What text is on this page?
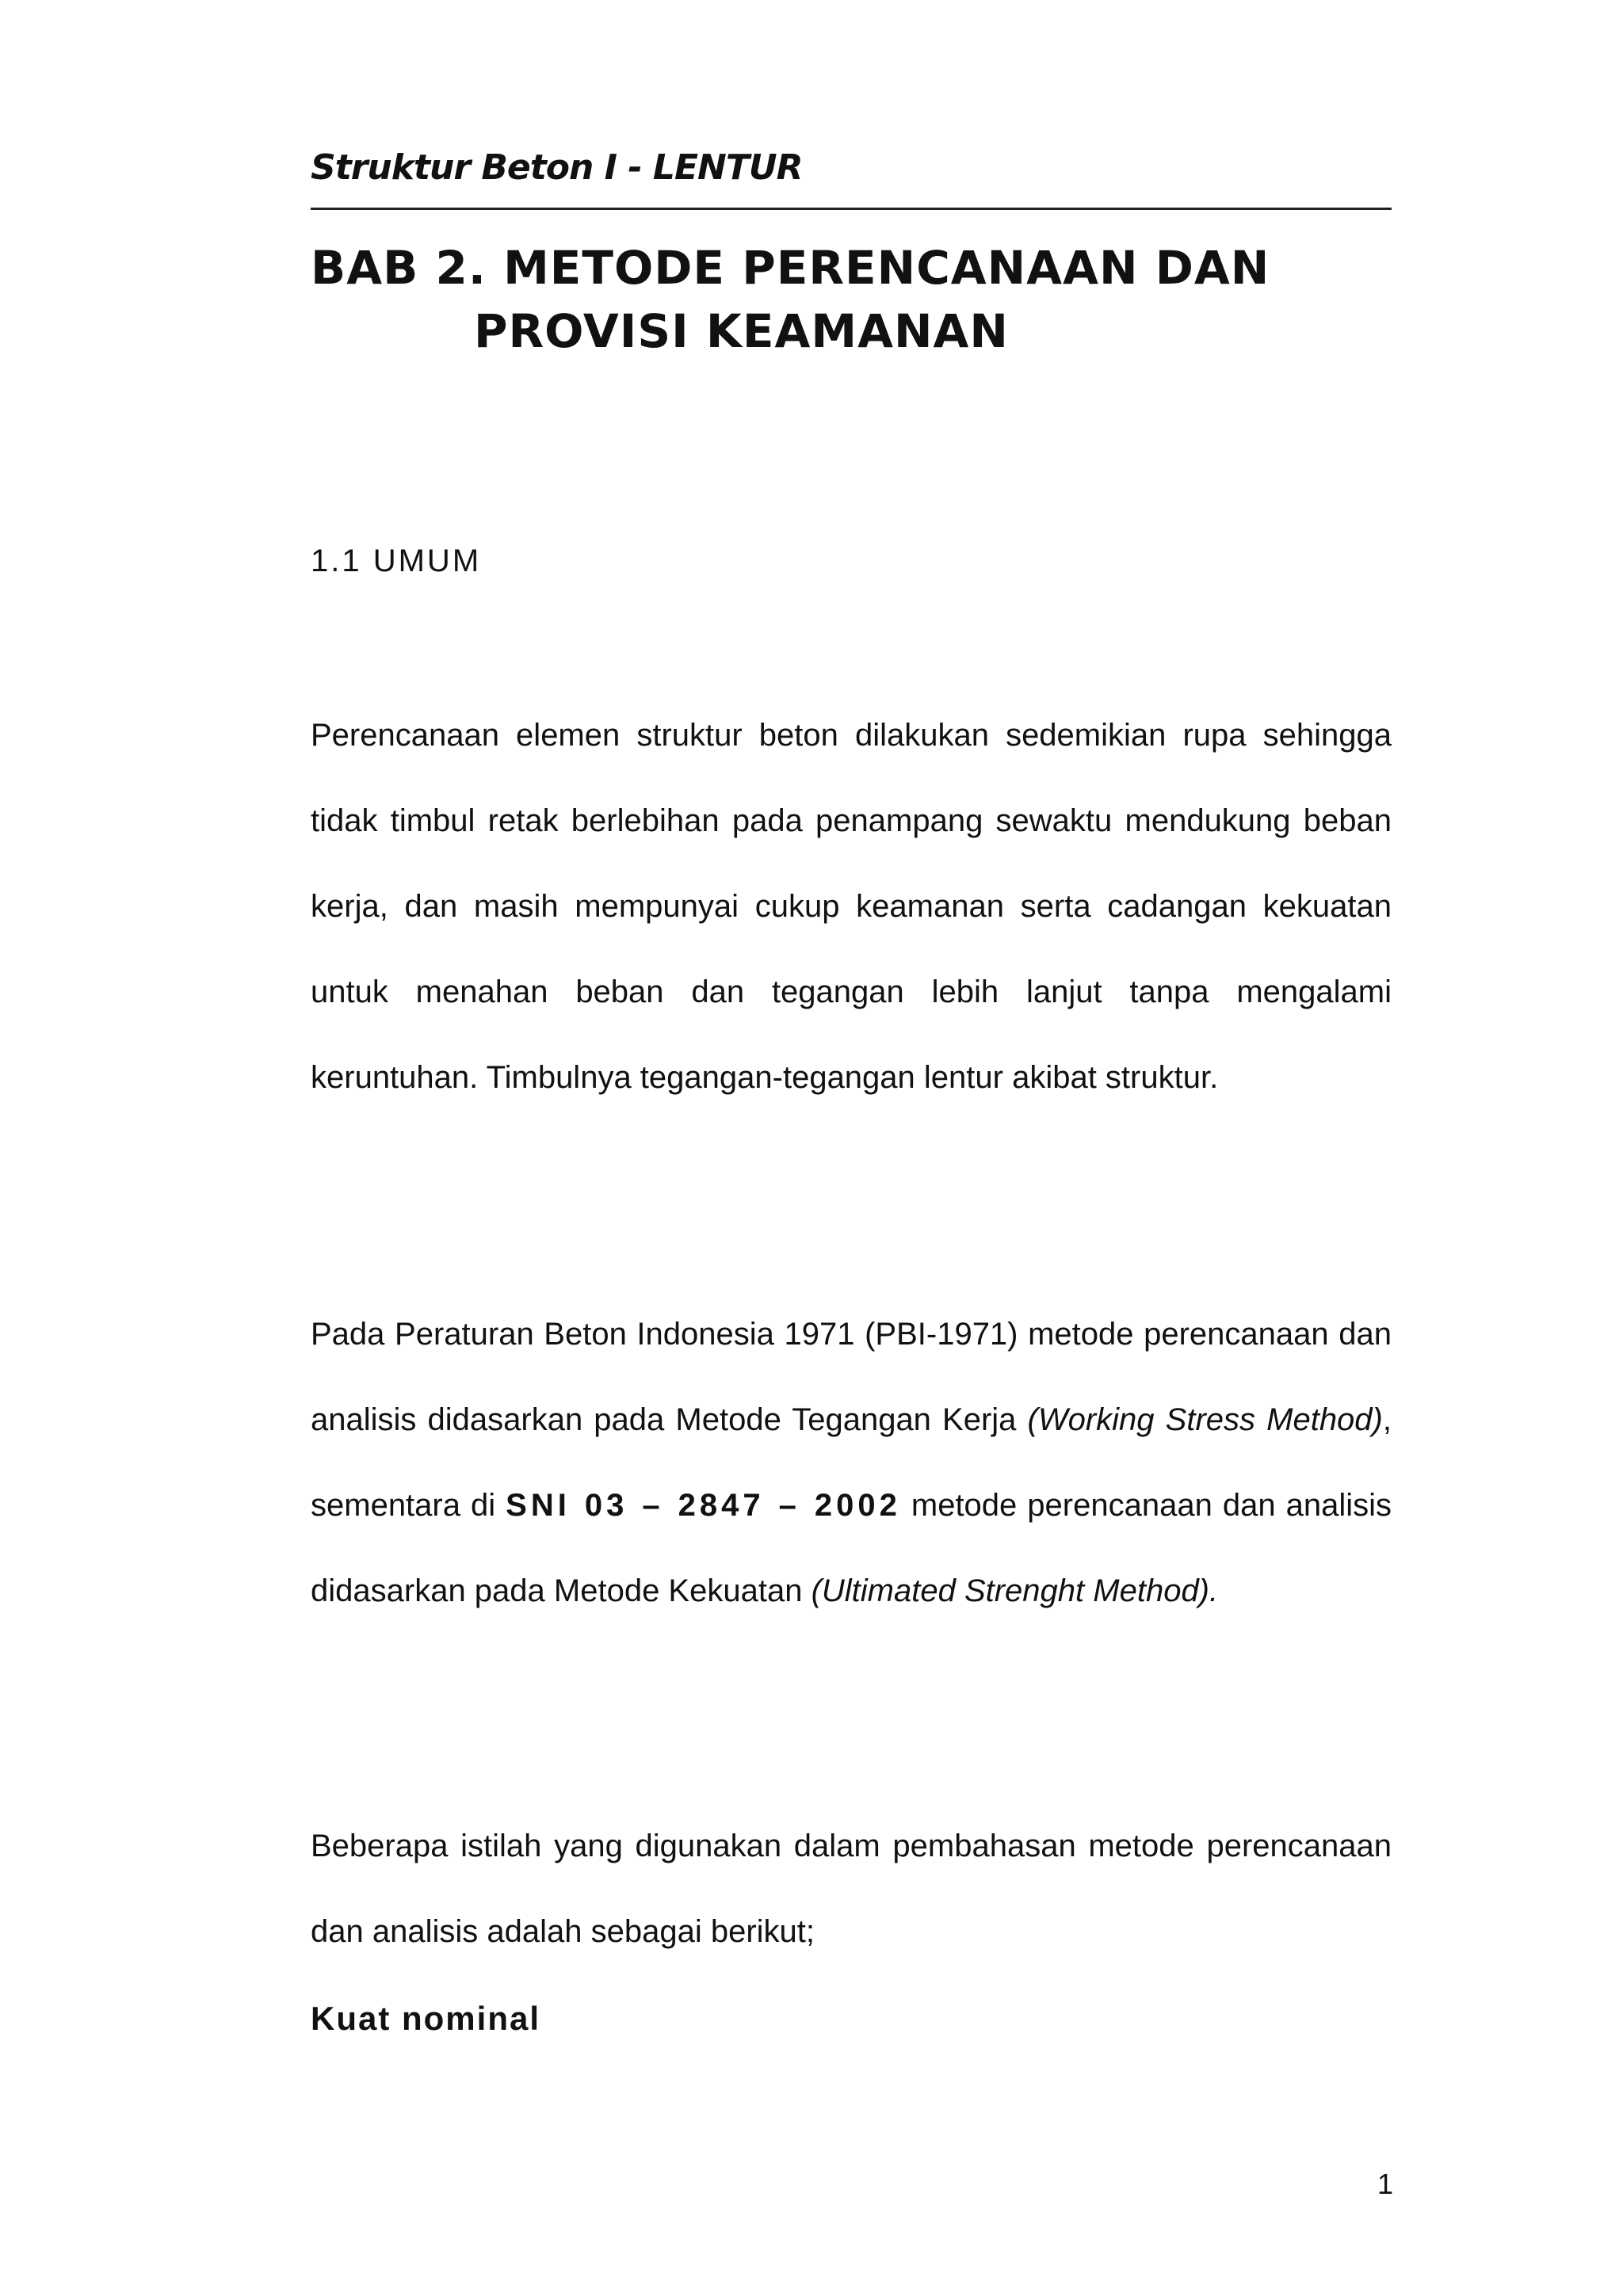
Struktur Beton I - LENTUR
BAB 2. METODE PERENCANAAN DAN
PROVISI KEAMANAN
1.1 UMUM
Perencanaan elemen struktur beton dilakukan sedemikian rupa sehingga tidak timbul retak berlebihan pada penampang sewaktu mendukung beban kerja, dan masih mempunyai cukup keamanan serta cadangan kekuatan untuk menahan beban dan tegangan lebih lanjut tanpa mengalami keruntuhan. Timbulnya tegangan-tegangan lentur akibat struktur.
Pada Peraturan Beton Indonesia 1971 (PBI-1971) metode perencanaan dan analisis didasarkan pada Metode Tegangan Kerja (Working Stress Method), sementara di SNI 03 – 2847 – 2002 metode perencanaan dan analisis didasarkan pada Metode Kekuatan (Ultimated Strenght Method).
Beberapa istilah yang digunakan dalam pembahasan metode perencanaan dan analisis adalah sebagai berikut;
Kuat nominal
1
